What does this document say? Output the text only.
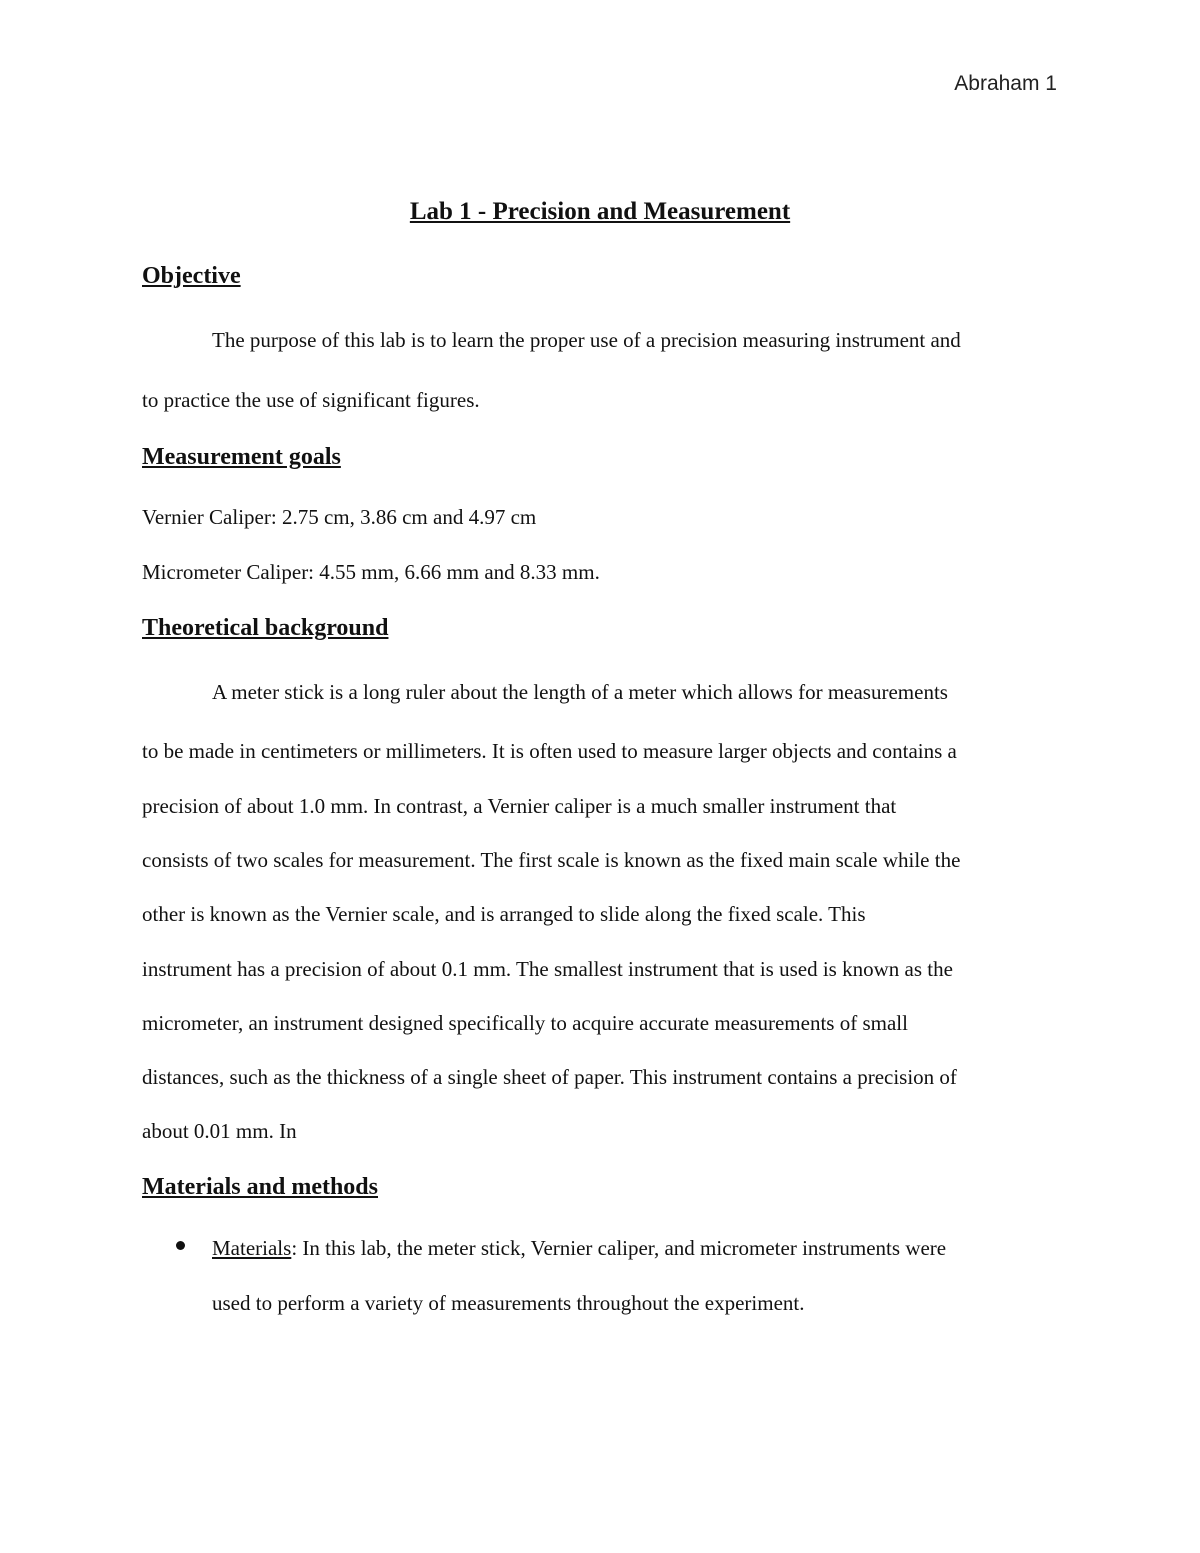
Abraham 1
Lab 1 - Precision and Measurement
Objective
The purpose of this lab is to learn the proper use of a precision measuring instrument and
to practice the use of significant figures.
Measurement goals
Vernier Caliper: 2.75 cm, 3.86 cm and 4.97 cm
Micrometer Caliper: 4.55 mm, 6.66 mm and 8.33 mm.
Theoretical background
A meter stick is a long ruler about the length of a meter which allows for measurements
to be made in centimeters or millimeters. It is often used to measure larger objects and contains a
precision of about 1.0 mm. In contrast, a Vernier caliper is a much smaller instrument that
consists of two scales for measurement. The first scale is known as the fixed main scale while the
other is known as the Vernier scale, and is arranged to slide along the fixed scale. This
instrument has a precision of about 0.1 mm. The smallest instrument that is used is known as the
micrometer, an instrument designed specifically to acquire accurate measurements of small
distances, such as the thickness of a single sheet of paper. This instrument contains a precision of
about 0.01 mm. In
Materials and methods
Materials: In this lab, the meter stick, Vernier caliper, and micrometer instruments were
used to perform a variety of measurements throughout the experiment.
